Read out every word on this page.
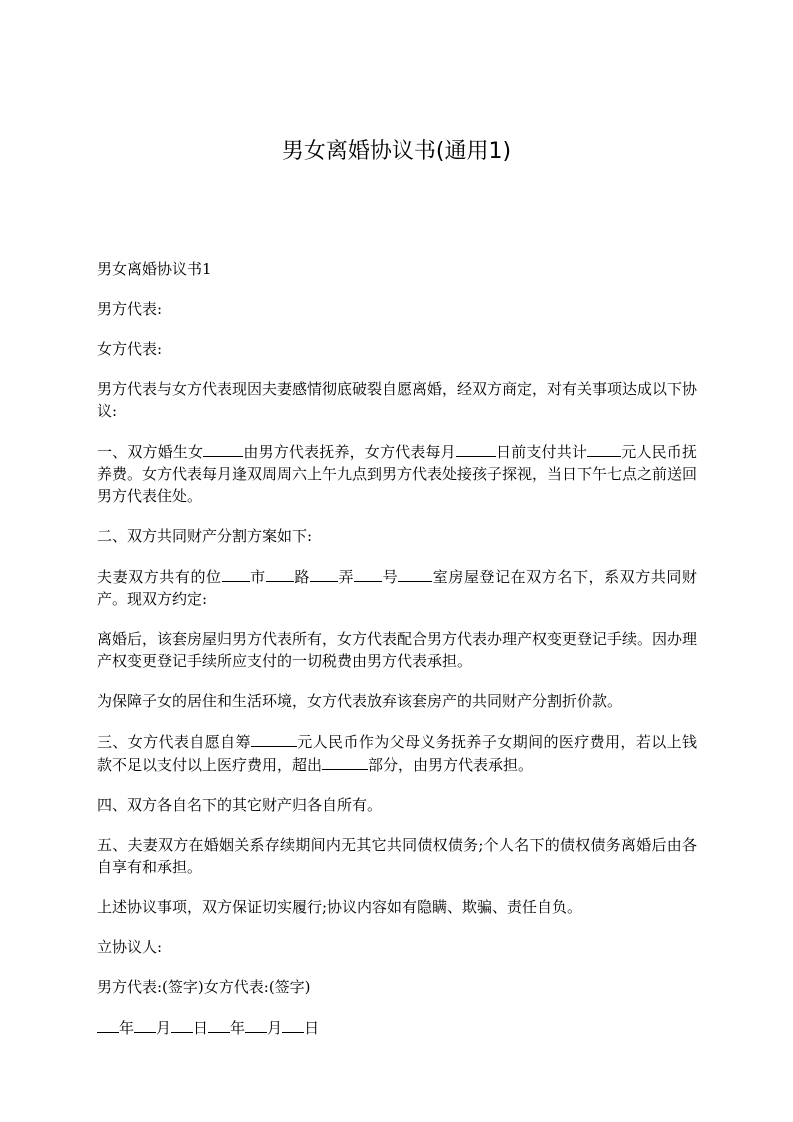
男女离婚协议书(通用1)

男女离婚协议书1

男方代表:

女方代表:

男方代表与女方代表现因夫妻感情彻底破裂自愿离婚，经双方商定，对有关事项达成以下协议:

一、双方婚生女	由男方代表抚养，女方代表每月	日前支付共计 元人民币抚养费。女方代表每月逢双周周六上午九点到男方代表处接孩子探视，当日下午七点之前送回男方代表住处。

二、双方共同财产分割方案如下:

夫妻双方共有的位 市 路 弄 号 室房屋登记在双方名下，系双方共同财产。现双方约定:

离婚后，该套房屋归男方代表所有，女方代表配合男方代表办理产权变更登记手续。因办理产权变更登记手续所应支付的一切税费由男方代表承担。

为保障子女的居住和生活环境，女方代表放弃该套房产的共同财产分割折价款。

三、女方代表自愿自筹	元人民币作为父母义务抚养子女期间的医疗费用，若以上钱款不足以支付以上医疗费用，超出	部分，由男方代表承担。

四、双方各自名下的其它财产归各自所有。

五、夫妻双方在婚姻关系存续期间内无其它共同债权债务;个人名下的债权债务离婚后由各自享有和承担。

上述协议事项，双方保证切实履行;协议内容如有隐瞒、欺骗、责任自负。

立协议人:

男方代表:(签字)女方代表:(签字)

年 月 日 年 月 日
